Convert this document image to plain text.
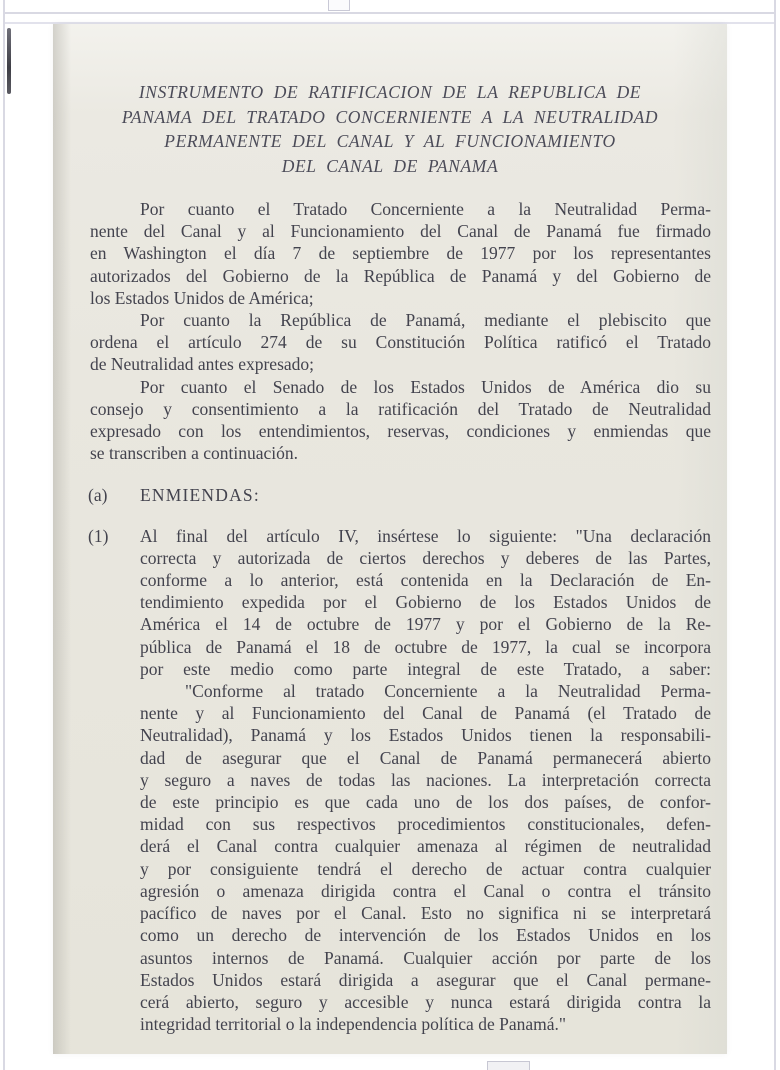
INSTRUMENTO DE RATIFICACION DE LA REPUBLICA DE
PANAMA DEL TRATADO CONCERNIENTE A LA NEUTRALIDAD
PERMANENTE DEL CANAL Y AL FUNCIONAMIENTO
DEL CANAL DE PANAMA
Por cuanto el Tratado Concerniente a la Neutralidad Perma-
nente del Canal y al Funcionamiento del Canal de Panamá fue firmado
en Washington el día 7 de septiembre de 1977 por los representantes
autorizados del Gobierno de la República de Panamá y del Gobierno de
los Estados Unidos de América;
Por cuanto la República de Panamá, mediante el plebiscito que
ordena el artículo 274 de su Constitución Política ratificó el Tratado
de Neutralidad antes expresado;
Por cuanto el Senado de los Estados Unidos de América dio su
consejo y consentimiento a la ratificación del Tratado de Neutralidad
expresado con los entendimientos, reservas, condiciones y enmiendas que
se transcriben a continuación.
(a) ENMIENDAS:
(1) Al final del artículo IV, insértese lo siguiente: "Una declaración
correcta y autorizada de ciertos derechos y deberes de las Partes,
conforme a lo anterior, está contenida en la Declaración de En-
tendimiento expedida por el Gobierno de los Estados Unidos de
América el 14 de octubre de 1977 y por el Gobierno de la Re-
pública de Panamá el 18 de octubre de 1977, la cual se incorpora
por este medio como parte integral de este Tratado, a saber:
"Conforme al tratado Concerniente a la Neutralidad Perma-
nente y al Funcionamiento del Canal de Panamá (el Tratado de
Neutralidad), Panamá y los Estados Unidos tienen la responsabili-
dad de asegurar que el Canal de Panamá permanecerá abierto
y seguro a naves de todas las naciones. La interpretación correcta
de este principio es que cada uno de los dos países, de confor-
midad con sus respectivos procedimientos constitucionales, defen-
derá el Canal contra cualquier amenaza al régimen de neutralidad
y por consiguiente tendrá el derecho de actuar contra cualquier
agresión o amenaza dirigida contra el Canal o contra el tránsito
pacífico de naves por el Canal. Esto no significa ni se interpretará
como un derecho de intervención de los Estados Unidos en los
asuntos internos de Panamá. Cualquier acción por parte de los
Estados Unidos estará dirigida a asegurar que el Canal permane-
cerá abierto, seguro y accesible y nunca estará dirigida contra la
integridad territorial o la independencia política de Panamá."
